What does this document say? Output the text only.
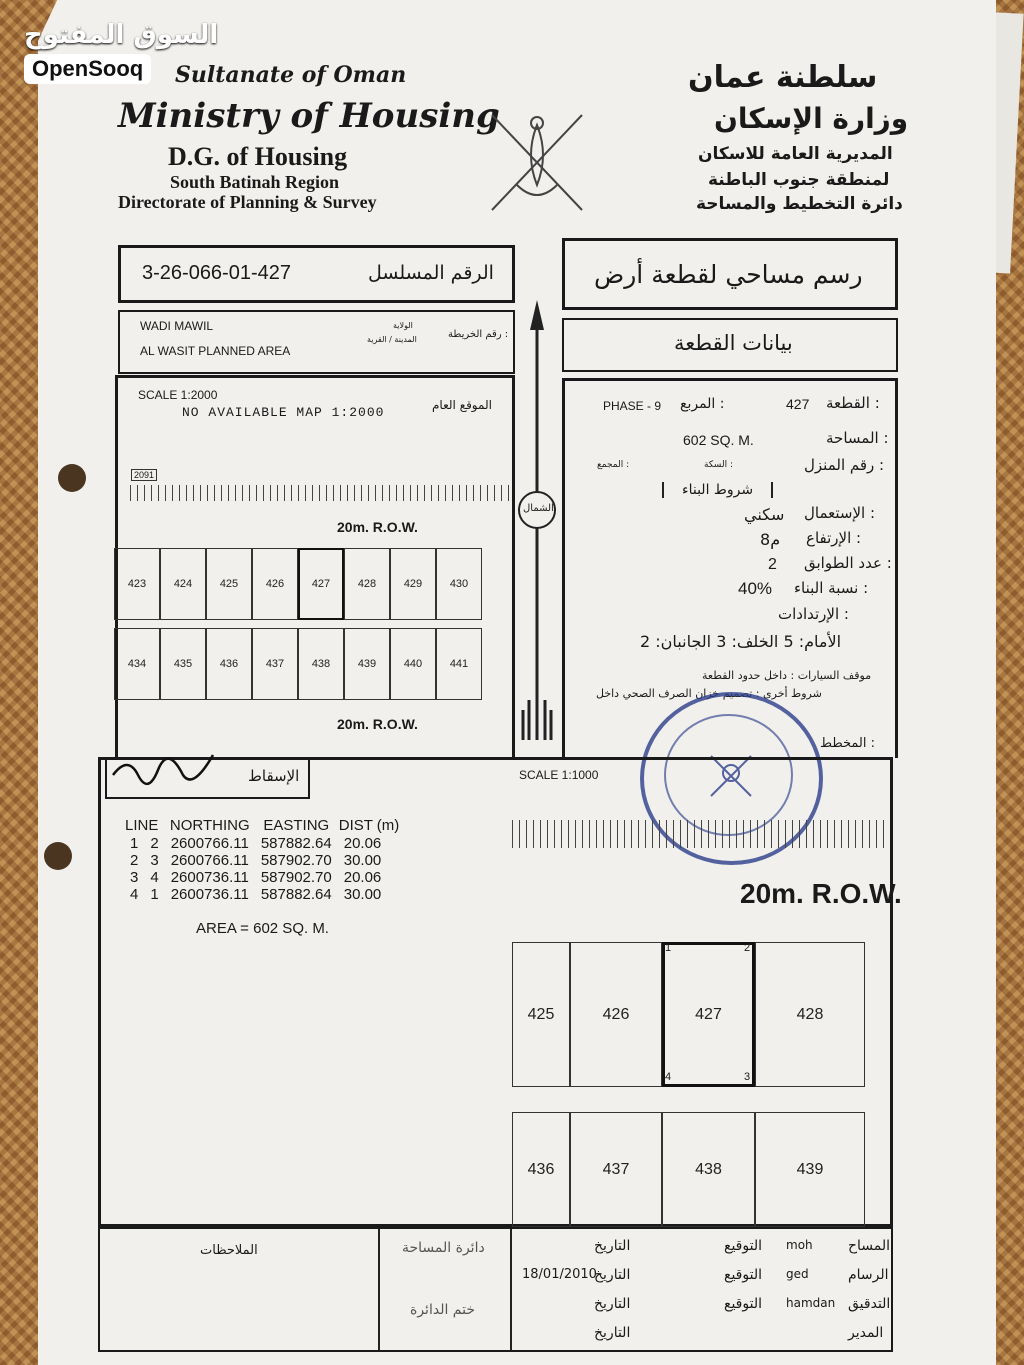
السوق المفتوح
OpenSooq	Sultanate of Oman
Ministry of Housing
D.G. of Housing
South Batinah Region
Directorate of Planning & Survey
سلطنة عمان
وزارة الإسكان
المديرية العامة للاسكان
لمنطقة جنوب الباطنة
دائرة التخطيط والمساحة
3-26-066-01-427	الرقم المسلسل	رسم مساحي لقطعة أرض
WADI MAWIL
AL WASIT PLANNED AREA
الولاية
المدينة / القرية	رقم الخريطة :	بيانات القطعة
الشمال
SCALE 1:2000
NO AVAILABLE MAP 1:2000	الموقع العام
2091
20m. R.O.W.
20m. R.O.W.
423	424	425	426	427	428	429	430
434	435	436	437	438	439	440	441
القطعة :
427
المربع :
PHASE - 9
المساحة :
602 SQ. M.
رقم المنزل :
السكة :
المجمع :
شروط البناء
الإستعمال :
سكني
الإرتفاع :
8م
عدد الطوابق :
2
نسبة البناء :
40%
الإرتدادات :
الأمام: 5 الخلف: 3 الجانبان: 2
موقف السيارات : داخل حدود القطعة
شروط أخرى : تصميم خزان الصرف الصحي داخل
المخطط :
الإسقاط
LINE		NORTHING	EASTING	DIST (m)
1	2	2600766.11	587882.64	20.06
2	3	2600766.11	587902.70	30.00
3	4	2600736.11	587902.70	20.06
4	1	2600736.11	587882.64	30.00
AREA = 602 SQ. M.
SCALE 1:1000
20m. R.O.W.
425	426	427	428
436	437	438	439
1	2
3
4
الملاحظات	دائرة المساحة
ختم الدائرة
التاريخ	التوقيع moh	المساح
التاريخ
18/01/2010	التوقيع ged	الرسام
التاريخ	التوقيع hamdan التدقيق
التاريخ	المدير
